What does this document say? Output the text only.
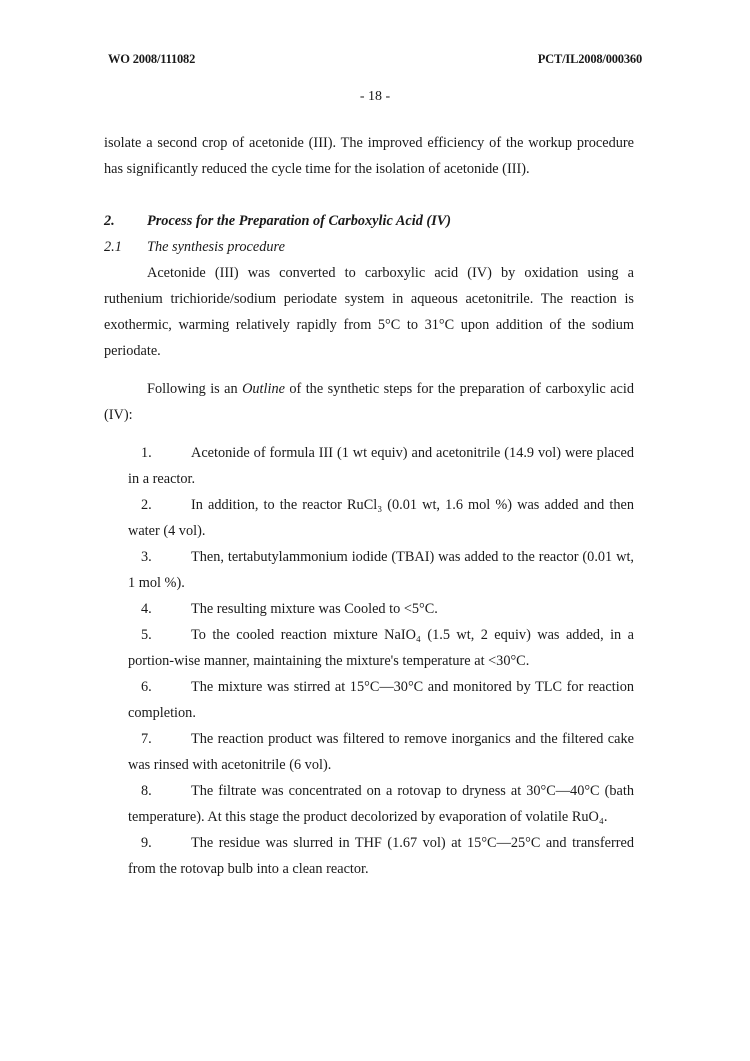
WO 2008/111082	PCT/IL2008/000360
- 18 -

isolate a second crop of acetonide (III). The improved efficiency of the workup procedure has significantly reduced the cycle time for the isolation of acetonide (III).

2.	Process for the Preparation of Carboxylic Acid (IV)
2.1	The synthesis procedure

Acetonide (III) was converted to carboxylic acid (IV) by oxidation using a ruthenium trichioride/sodium periodate system in aqueous acetonitrile. The reaction is exothermic, warming relatively rapidly from 5°C to 31°C upon addition of the sodium periodate.

Following is an Outline of the synthetic steps for the preparation of carboxylic acid (IV):

1.	Acetonide of formula III (1 wt equiv) and acetonitrile (14.9 vol) were placed in a reactor.
2.	In addition, to the reactor RuCl₃ (0.01 wt, 1.6 mol %) was added and then water (4 vol).
3.	Then, tertabutylammonium iodide (TBAI) was added to the reactor (0.01 wt, 1 mol %).
4.	The resulting mixture was Cooled to <5°C.
5.	To the cooled reaction mixture NaIO₄ (1.5 wt, 2 equiv) was added, in a portion-wise manner, maintaining the mixture's temperature at <30°C.
6.	The mixture was stirred at 15°C—30°C and monitored by TLC for reaction completion.
7.	The reaction product was filtered to remove inorganics and the filtered cake was rinsed with acetonitrile (6 vol).
8.	The filtrate was concentrated on a rotovap to dryness at 30°C—40°C (bath temperature). At this stage the product decolorized by evaporation of volatile RuO₄.
9.	The residue was slurred in THF (1.67 vol) at 15°C—25°C and transferred from the rotovap bulb into a clean reactor.
